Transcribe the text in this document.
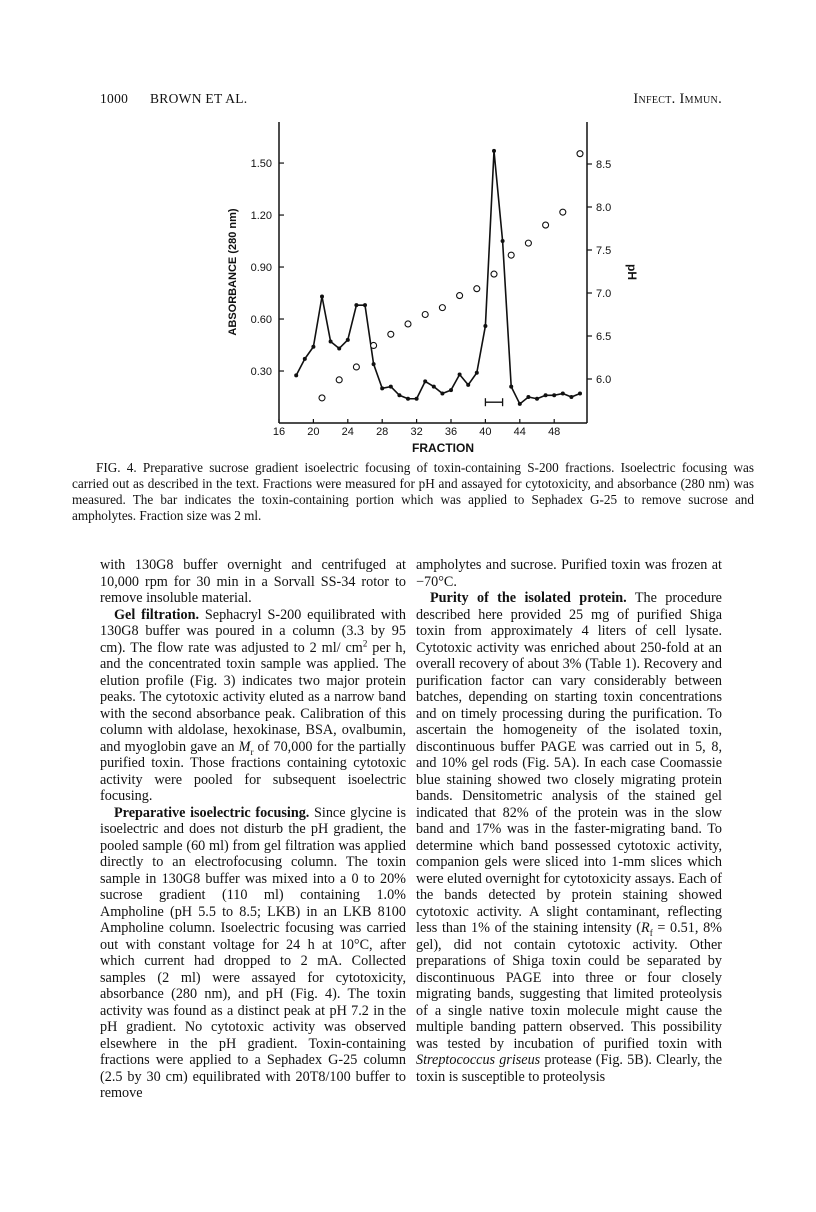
1000 BROWN ET AL.	Infect. Immun.
16 20 24 28 32 36 40 44 48
0.30
0.60
0.90
1.20
1.50
6.0
6.5
7.0
7.5
8.0
8.5
FRACTION
ABSORBANCE (280 nm)	pH
FIG. 4. Preparative sucrose gradient isoelectric focusing of toxin-containing S-200 fractions. Isoelectric focusing was carried out as described in the text. Fractions were measured for pH and assayed for cytotoxicity, and absorbance (280 nm) was measured. The bar indicates the toxin-containing portion which was applied to Sephadex G-25 to remove sucrose and ampholytes. Fraction size was 2 ml.

with 130G8 buffer overnight and centrifuged at 10,000 rpm for 30 min in a Sorvall SS-34 rotor to remove insoluble material.

Gel filtration. Sephacryl S-200 equilibrated with 130G8 buffer was poured in a column (3.3 by 95 cm). The flow rate was adjusted to 2 ml/ $cm^2$ per h, and the concentrated toxin sample was applied. The elution profile (Fig. 3) indicates two major protein peaks. The cytotoxic activity eluted as a narrow band with the second absorbance peak. Calibration of this column with aldolase, hexokinase, BSA, ovalbumin, and myoglobin gave an $M_r$ of 70,000 for the partially purified toxin. Those fractions containing cytotoxic activity were pooled for subsequent isoelectric focusing.

Preparative isoelectric focusing. Since glycine is isoelectric and does not disturb the pH gradient, the pooled sample (60 ml) from gel filtration was applied directly to an electrofocusing column. The toxin sample in 130G8 buffer was mixed into a 0 to 20% sucrose gradient (110 ml) containing 1.0% Ampholine (pH 5.5 to 8.5; LKB) in an LKB 8100 Ampholine column. Isoelectric focusing was carried out with constant voltage for 24 h at 10°C, after which current had dropped to 2 mA. Collected samples (2 ml) were assayed for cytotoxicity, absorbance (280 nm), and pH (Fig. 4). The toxin activity was found as a distinct peak at pH 7.2 in the pH gradient. No cytotoxic activity was observed elsewhere in the pH gradient. Toxin-containing fractions were applied to a Sephadex G-25 column (2.5 by 30 cm) equilibrated with 20T8/100 buffer to remove

ampholytes and sucrose. Purified toxin was frozen at −70°C.

Purity of the isolated protein. The procedure described here provided 25 mg of purified Shiga toxin from approximately 4 liters of cell lysate. Cytotoxic activity was enriched about 250-fold at an overall recovery of about 3% (Table 1). Recovery and purification factor can vary considerably between batches, depending on starting toxin concentrations and on timely processing during the purification. To ascertain the homogeneity of the isolated toxin, discontinuous buffer PAGE was carried out in 5, 8, and 10% gel rods (Fig. 5A). In each case Coomassie blue staining showed two closely migrating protein bands. Densitometric analysis of the stained gel indicated that 82% of the protein was in the slow band and 17% was in the faster-migrating band. To determine which band possessed cytotoxic activity, companion gels were sliced into 1-mm slices which were eluted overnight for cytotoxicity assays. Each of the bands detected by protein staining showed cytotoxic activity. A slight contaminant, reflecting less than 1% of the staining intensity ($R_f = 0.51$, 8% gel), did not contain cytotoxic activity. Other preparations of Shiga toxin could be separated by discontinuous PAGE into three or four closely migrating bands, suggesting that limited proteolysis of a single native toxin molecule might cause the multiple banding pattern observed. This possibility was tested by incubation of purified toxin with Streptococcus griseus protease (Fig. 5B). Clearly, the toxin is susceptible to proteolysis
